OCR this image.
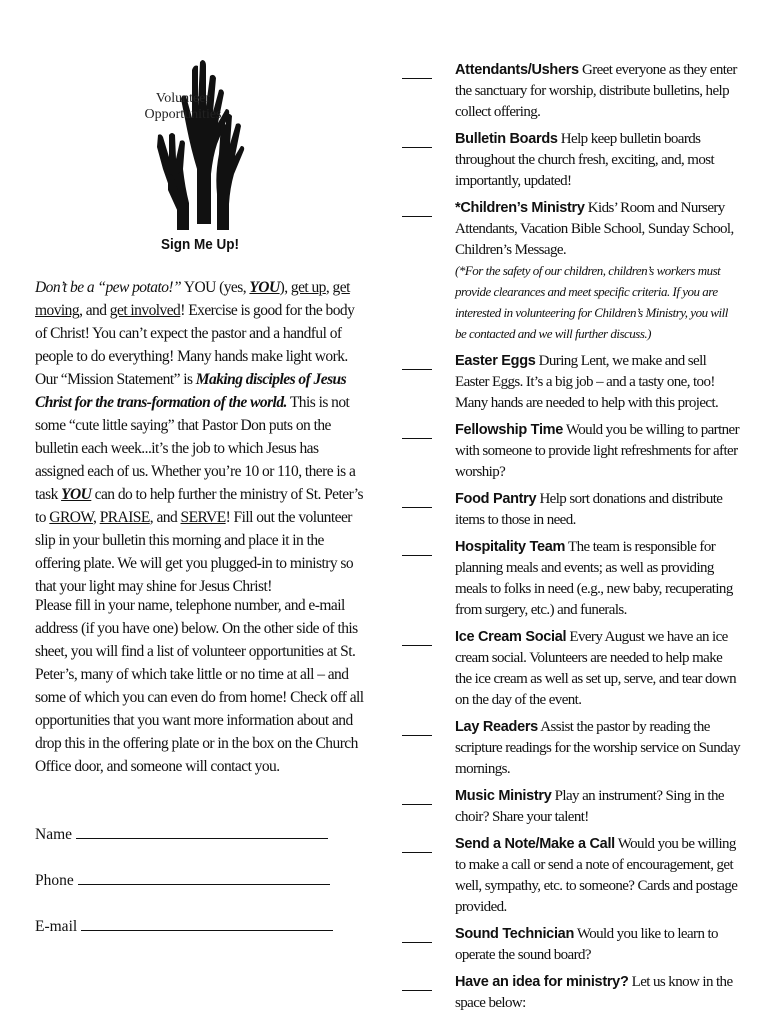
Volunteer
Opportunities
Sign Me Up!

Don’t be a “pew potato!” YOU (yes, YOU), get up, get moving, and get involved! Exercise is good for the body of Christ! You can’t expect the pastor and a handful of people to do everything! Many hands make light work. Our “Mission Statement” is Making disciples of Jesus Christ for the trans-formation of the world. This is not some “cute little saying” that Pastor Don puts on the bulletin each week...it’s the job to which Jesus has assigned each of us. Whether you’re 10 or 110, there is a task YOU can do to help further the ministry of St. Peter’s to GROW, PRAISE, and SERVE! Fill out the volunteer slip in your bulletin this morning and place it in the offering plate. We will get you plugged-in to ministry so that your light may shine for Jesus Christ!

Please fill in your name, telephone number, and e-mail address (if you have one) below. On the other side of this sheet, you will find a list of volunteer opportunities at St. Peter’s, many of which take little or no time at all – and some of which you can even do from home! Check off all opportunities that you want more information about and drop this in the offering plate or in the box on the Church Office door, and someone will contact you.

Name
Phone
E-mail
Attendants/Ushers Greet everyone as they enter the sanctuary for worship, distribute bulletins, help collect offering.
Bulletin Boards Help keep bulletin boards throughout the church fresh, exciting, and, most importantly, updated!
*Children’s Ministry Kids’ Room and Nursery Attendants, Vacation Bible School, Sunday School, Children’s Message.
(*For the safety of our children, children’s workers must provide clearances and meet specific criteria. If you are interested in volunteering for Children’s Ministry, you will be contacted and we will further discuss.)
Easter Eggs During Lent, we make and sell Easter Eggs. It’s a big job – and a tasty one, too! Many hands are needed to help with this project.
Fellowship Time Would you be willing to partner with someone to provide light refreshments for after worship?
Food Pantry Help sort donations and distribute items to those in need.
Hospitality Team The team is responsible for planning meals and events; as well as providing meals to folks in need (e.g., new baby, recuperating from surgery, etc.) and funerals.
Ice Cream Social Every August we have an ice cream social. Volunteers are needed to help make the ice cream as well as set up, serve, and tear down on the day of the event.
Lay Readers Assist the pastor by reading the scripture readings for the worship service on Sunday mornings.
Music Ministry Play an instrument? Sing in the choir? Share your talent!
Send a Note/Make a Call Would you be willing to make a call or send a note of encouragement, get well, sympathy, etc. to someone? Cards and postage provided.
Sound Technician Would you like to learn to operate the sound board?
Have an idea for ministry? Let us know in the space below:
